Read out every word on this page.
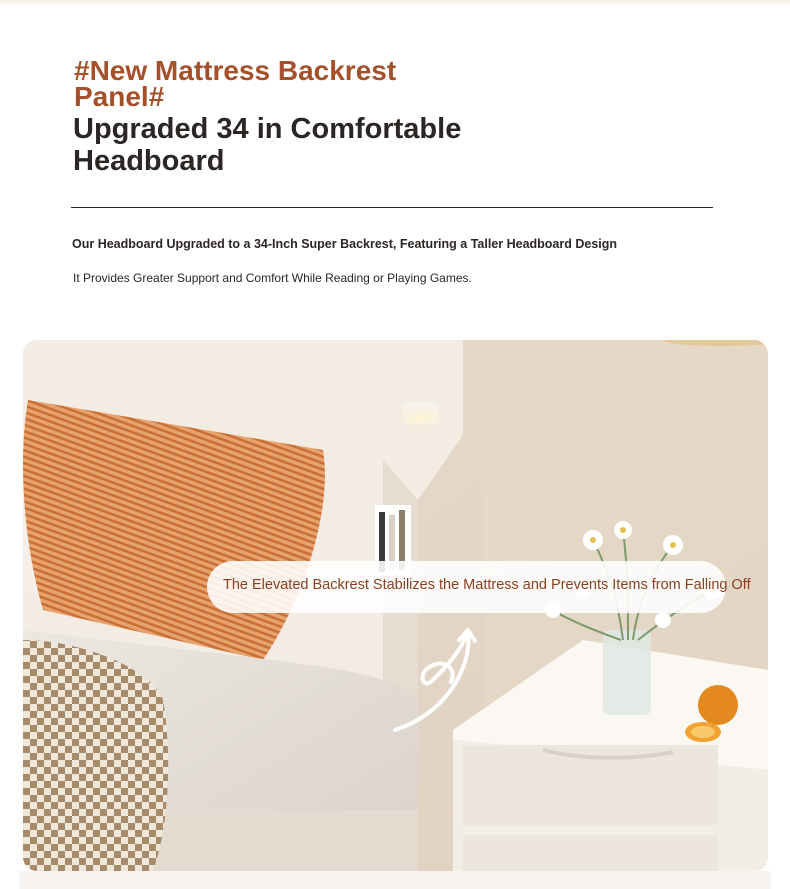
#New Mattress Backrest Panel#
Upgraded 34 in Comfortable Headboard
Our Headboard Upgraded to a 34-Inch Super Backrest, Featuring a Taller Headboard Design
It Provides Greater Support and Comfort While Reading or Playing Games.
The Elevated Backrest Stabilizes the Mattress and Prevents Items from Falling Off
